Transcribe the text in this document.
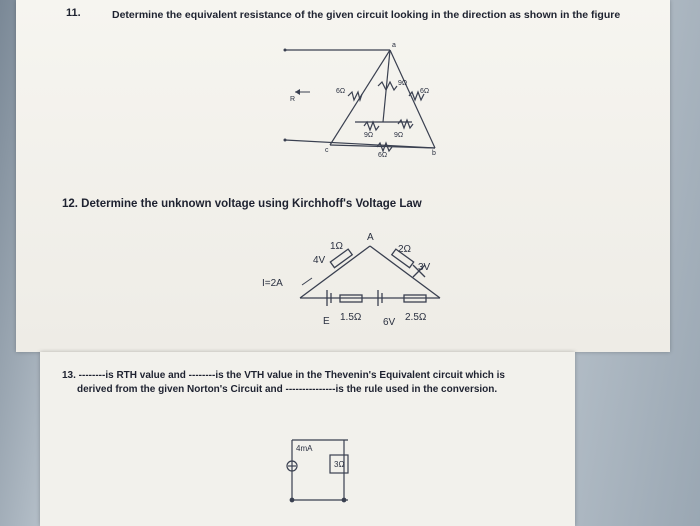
11.	Determine the equivalent resistance of the given circuit looking in the direction as shown in the figure
R
6Ω
9Ω
6Ω
9Ω	9Ω
6Ω
a
c	b
12. Determine the unknown voltage using Kirchhoff's Voltage Law
1Ω	2Ω
A
4V
3V
I=2A
E 1.5Ω 6V 2.5Ω
13. --------is RTH value and --------is the VTH value in the Thevenin's Equivalent circuit which is
derived from the given Norton's Circuit and ---------------is the rule used in the conversion.
4mA
3Ω
